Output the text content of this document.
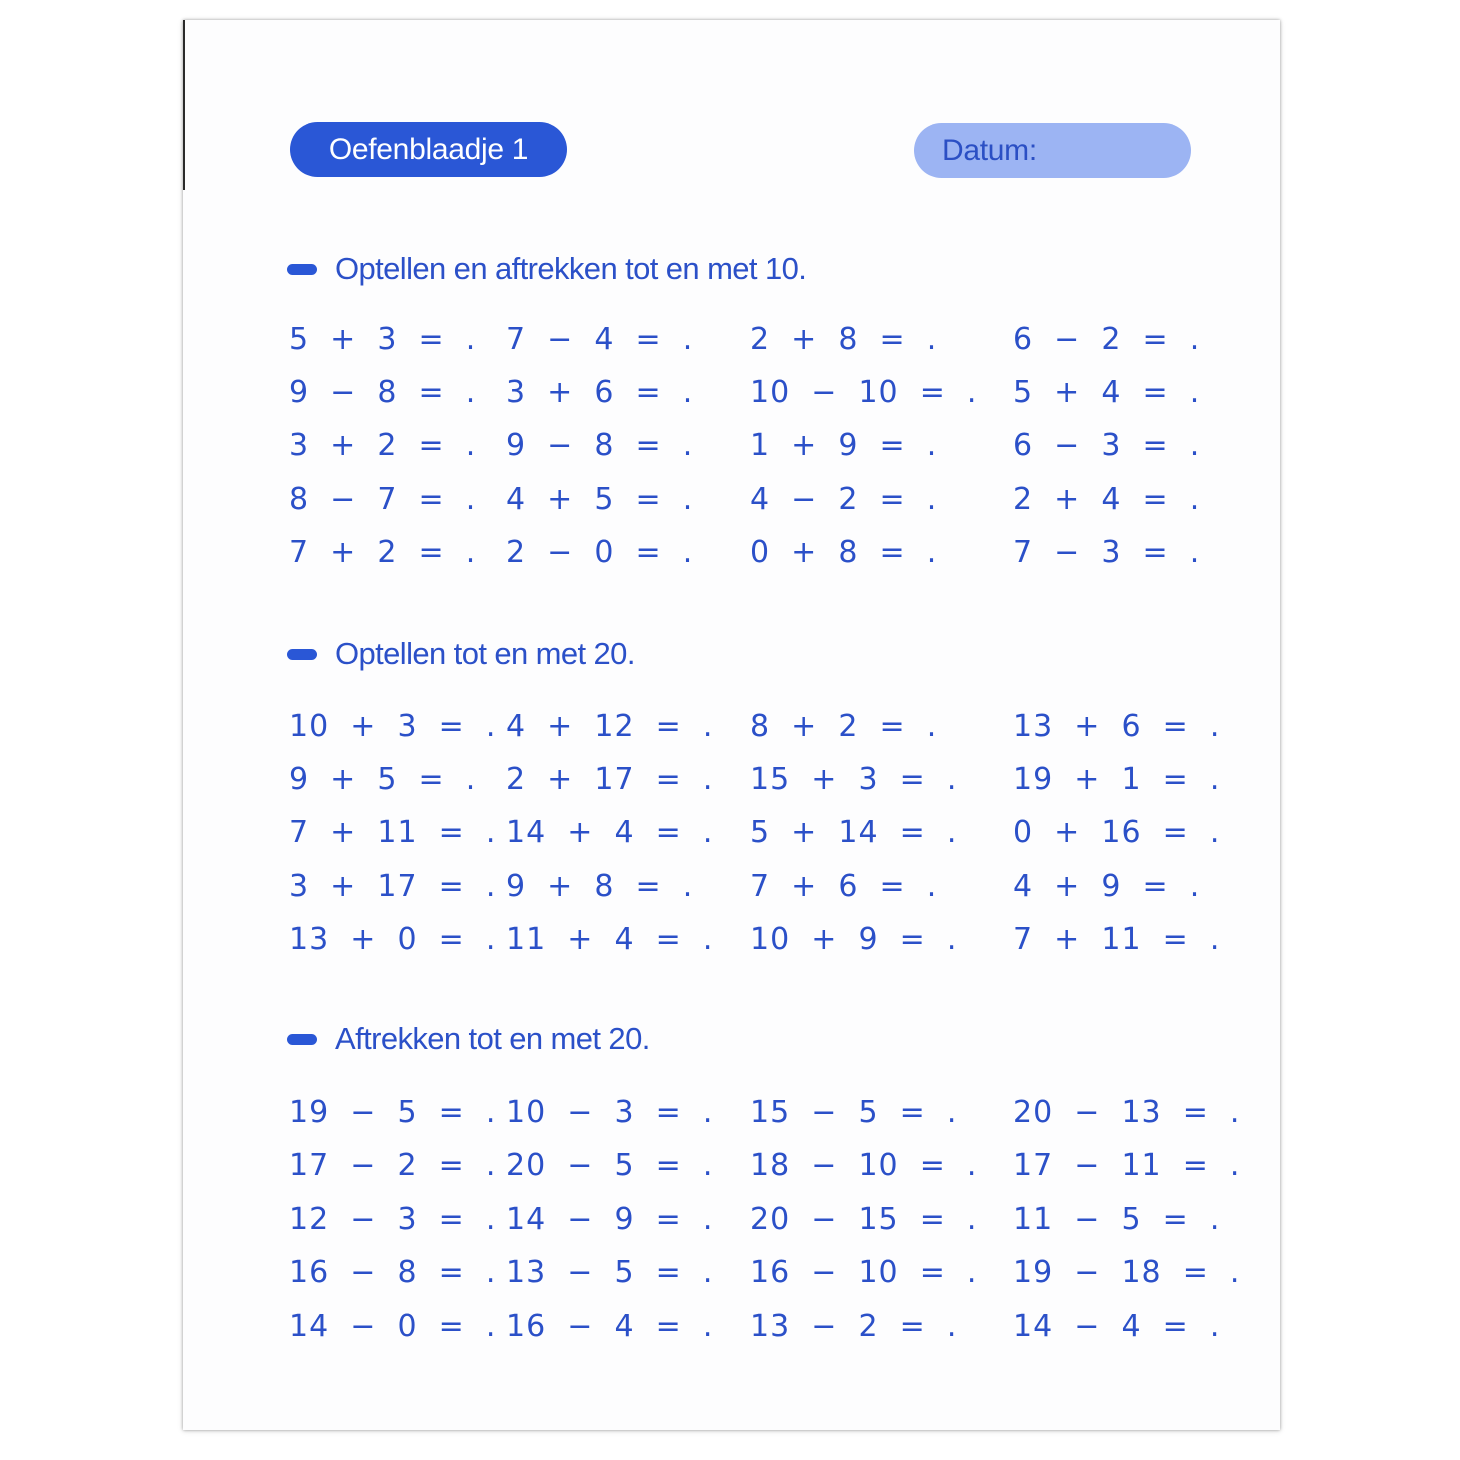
Oefenblaadje 1	Datum:
Optellen en aftrekken tot en met 10.
5  +  3  =  . 7  −  4  =  . 2  +  8  =  .	6  −  2  =  .
9  −  8  =  . 3  +  6  =  . 10  −  10  =  . 5  +  4  =  .
3  +  2  =  . 9  −  8  =  . 1  +  9  =  .	6  −  3  =  .
8  −  7  =  . 4  +  5  =  . 4  −  2  =  .	2  +  4  =  .
7  +  2  =  . 2  −  0  =  . 0  +  8  =  .	7  −  3  =  .
Optellen tot en met 20.
10  +  3  =  . 4  +  12  =  . 8  +  2  =  .	13  +  6  =  .
9  +  5  =  . 2  +  17  =  . 15  +  3  =  . 19  +  1  =  .
7  +  11  =  . 14  +  4  =  . 5  +  14  =  . 0  +  16  =  .
3  +  17  =  . 9  +  8  =  . 7  +  6  =  .	4  +  9  =  .
13  +  0  =  . 11  +  4  =  . 10  +  9  =  . 7  +  11  =  .
Aftrekken tot en met 20.
19  −  5  =  . 10  −  3  =  . 15  −  5  =  . 20  −  13  =  .
17  −  2  =  . 20  −  5  =  . 18  −  10  =  . 17  −  11  =  .
12  −  3  =  . 14  −  9  =  . 20  −  15  =  . 11  −  5  =  .
16  −  8  =  . 13  −  5  =  . 16  −  10  =  . 19  −  18  =  .
14  −  0  =  . 16  −  4  =  . 13  −  2  =  . 14  −  4  =  .
